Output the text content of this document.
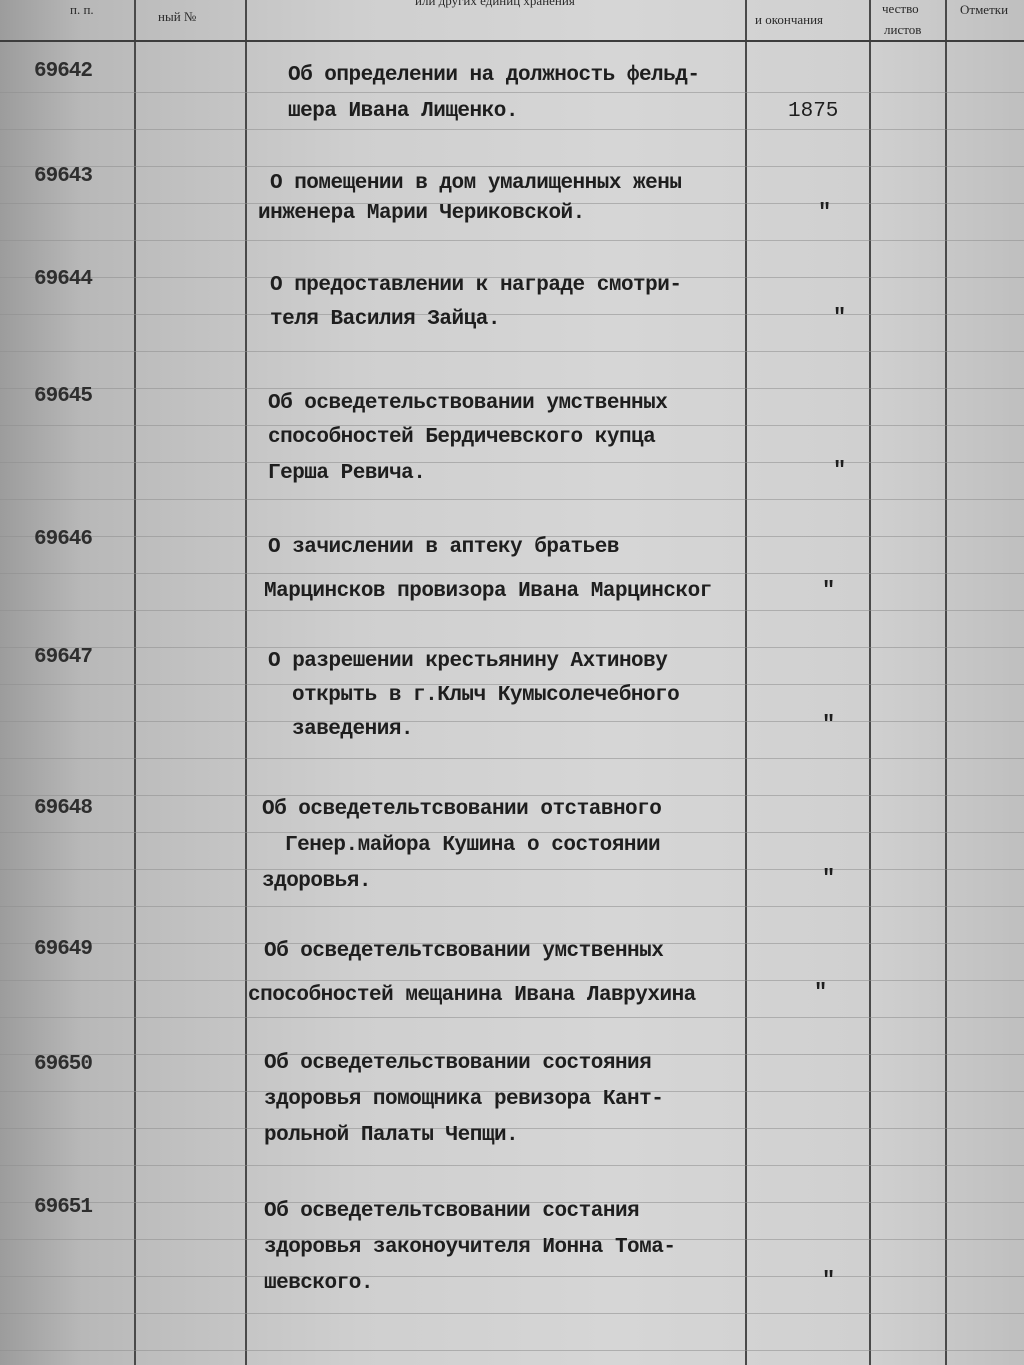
п. п.	ный №
или других единиц хранения
и окончания
чество
листов
Отметки
69642	Об определении на должность фельд-
шера Ивана Лищенко.	1875
69643	О помещении в дом умалищенных жены
инженера Марии Чериковской.	"
69644	О предоставлении к награде смотри-
теля Василия Зайца.	"
69645	Об осведетельствовании умственных
способностей Бердичевского купца
Герша Ревича.	"
69646	О зачислении в аптеку братьев
Марцинсков провизора Ивана Марцинског	"
69647	О разрешении крестьянину Ахтинову
открыть в г.Клыч Кумысолечебного
заведения.	"
69648	Об осведетельтсвовании отставного
Генер.майора Кушина о состоянии
здоровья.	"
69649	Об осведетельтсвовании умственных
способностей мещанина Ивана Лаврухина	"
69650	Об осведетельствовании состояния
здоровья помощника ревизора Кант-
рольной Палаты Чепщи.
69651	Об осведетельтсвовании состания
здоровья законоучителя Ионна Тома-
шевского.	"
